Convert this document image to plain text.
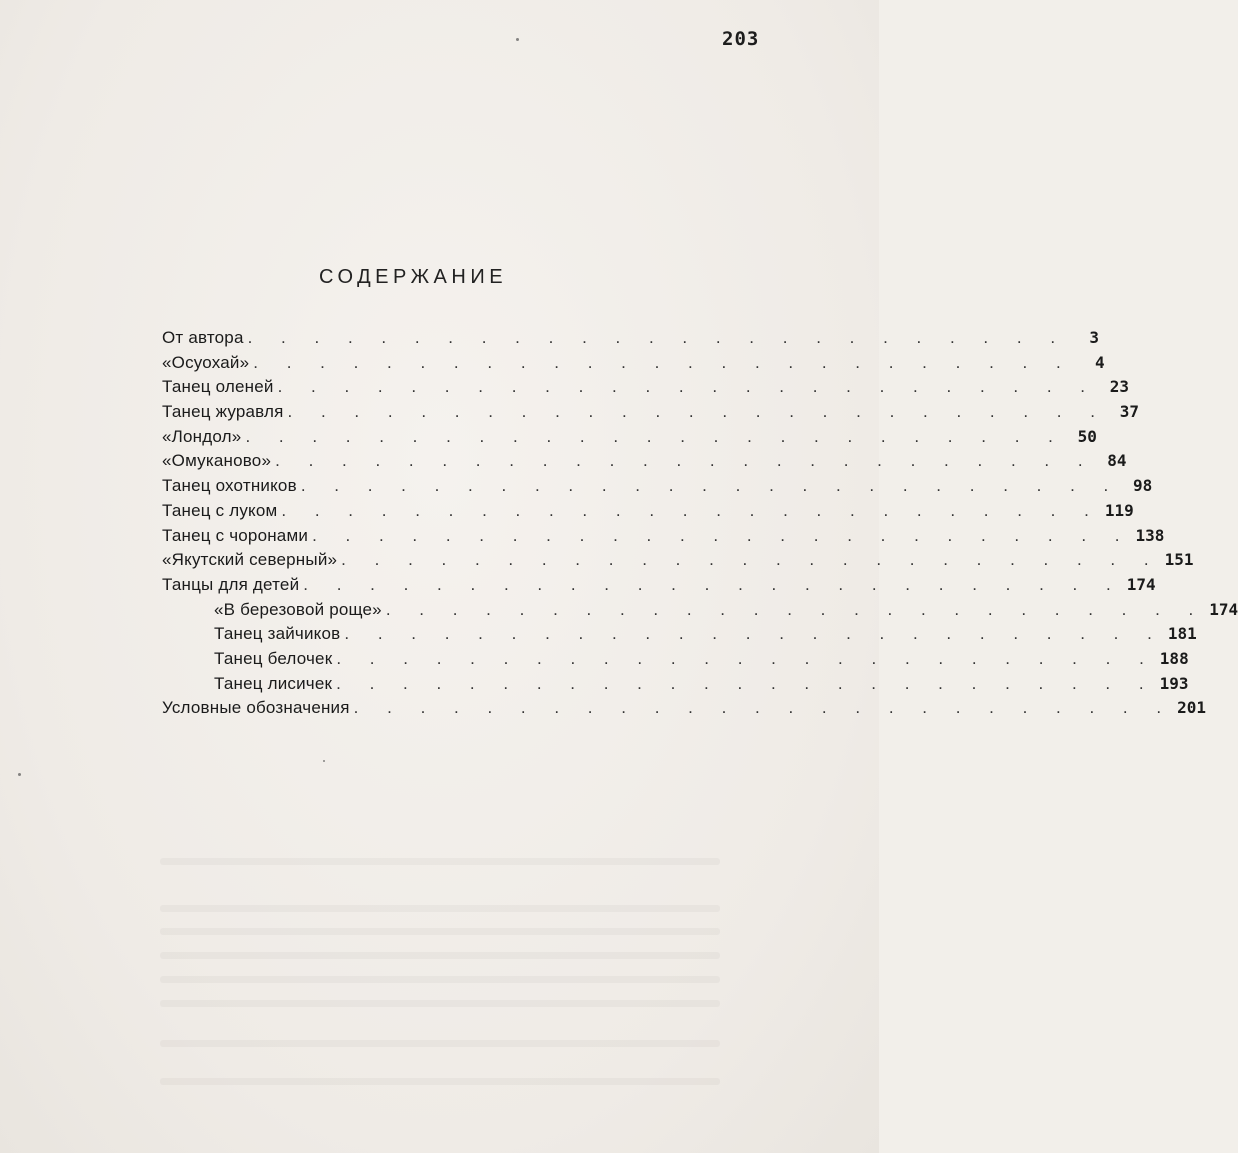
203
СОДЕРЖАНИЕ
От автора . . . . . . . . . . . . . . . . . . . . . . . . .	3
«Осуохай» . . . . . . . . . . . . . . . . . . . . . . . . .	4
Танец оленей . . . . . . . . . . . . . . . . . . . . . . . . . 23
Танец журавля . . . . . . . . . . . . . . . . . . . . . . . . . 37
«Лондол» . . . . . . . . . . . . . . . . . . . . . . . . . 50
«Омуканово» . . . . . . . . . . . . . . . . . . . . . . . . . 84
Танец охотников . . . . . . . . . . . . . . . . . . . . . . . . . 98
Танец с луком . . . . . . . . . . . . . . . . . . . . . . . . . 119
Танец с чоронами . . . . . . . . . . . . . . . . . . . . . . . . . 138
«Якутский северный» . . . . . . . . . . . . . . . . . . . . . . . . . 151
Танцы для детей . . . . . . . . . . . . . . . . . . . . . . . . . 174
«В березовой роще» . . . . . . . . . . . . . . . . . . . . . . . . . 174
Танец зайчиков . . . . . . . . . . . . . . . . . . . . . . . . . 181
Танец белочек . . . . . . . . . . . . . . . . . . . . . . . . . 188
Танец лисичек . . . . . . . . . . . . . . . . . . . . . . . . . 193
Условные обозначения . . . . . . . . . . . . . . . . . . . . . . . . . 201
